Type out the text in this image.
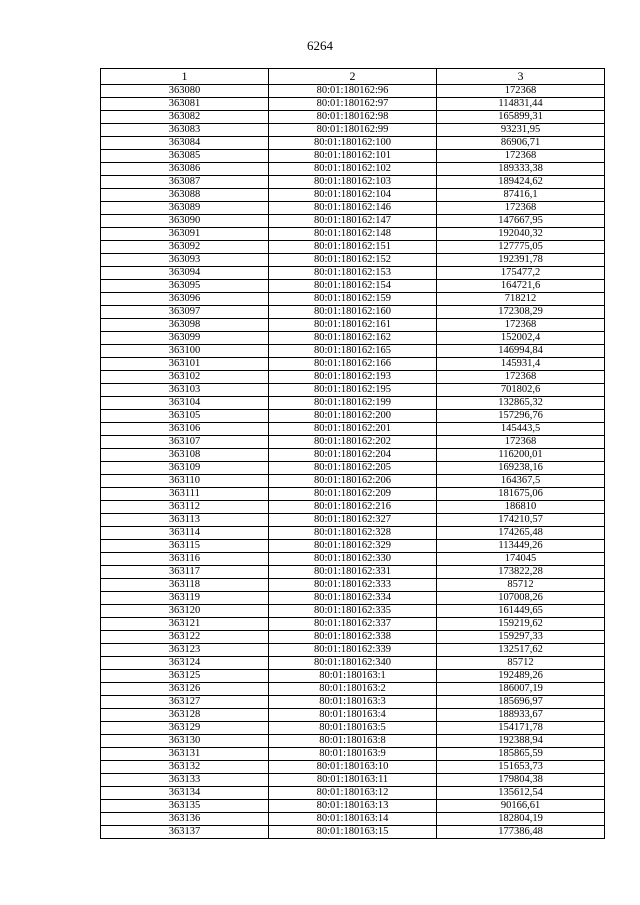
6264
1	2	3
363080	80:01:180162:96	172368
363081	80:01:180162:97	114831,44
363082	80:01:180162:98	165899,31
363083	80:01:180162:99	93231,95
363084	80:01:180162:100	86906,71
363085	80:01:180162:101	172368
363086	80:01:180162:102	189333,38
363087	80:01:180162:103	189424,62
363088	80:01:180162:104	87416,1
363089	80:01:180162:146	172368
363090	80:01:180162:147	147667,95
363091	80:01:180162:148	192040,32
363092	80:01:180162:151	127775,05
363093	80:01:180162:152	192391,78
363094	80:01:180162:153	175477,2
363095	80:01:180162:154	164721,6
363096	80:01:180162:159	718212
363097	80:01:180162:160	172308,29
363098	80:01:180162:161	172368
363099	80:01:180162:162	152002,4
363100	80:01:180162:165	146994,84
363101	80:01:180162:166	145931,4
363102	80:01:180162:193	172368
363103	80:01:180162:195	701802,6
363104	80:01:180162:199	132865,32
363105	80:01:180162:200	157296,76
363106	80:01:180162:201	145443,5
363107	80:01:180162:202	172368
363108	80:01:180162:204	116200,01
363109	80:01:180162:205	169238,16
363110	80:01:180162:206	164367,5
363111	80:01:180162:209	181675,06
363112	80:01:180162:216	186810
363113	80:01:180162:327	174210,57
363114	80:01:180162:328	174265,48
363115	80:01:180162:329	113449,26
363116	80:01:180162:330	174045
363117	80:01:180162:331	173822,28
363118	80:01:180162:333	85712
363119	80:01:180162:334	107008,26
363120	80:01:180162:335	161449,65
363121	80:01:180162:337	159219,62
363122	80:01:180162:338	159297,33
363123	80:01:180162:339	132517,62
363124	80:01:180162:340	85712
363125	80:01:180163:1	192489,26
363126	80:01:180163:2	186007,19
363127	80:01:180163:3	185696,97
363128	80:01:180163:4	188933,67
363129	80:01:180163:5	154171,78
363130	80:01:180163:8	192388,94
363131	80:01:180163:9	185865,59
363132	80:01:180163:10	151653,73
363133	80:01:180163:11	179804,38
363134	80:01:180163:12	135612,54
363135	80:01:180163:13	90166,61
363136	80:01:180163:14	182804,19
363137	80:01:180163:15	177386,48
